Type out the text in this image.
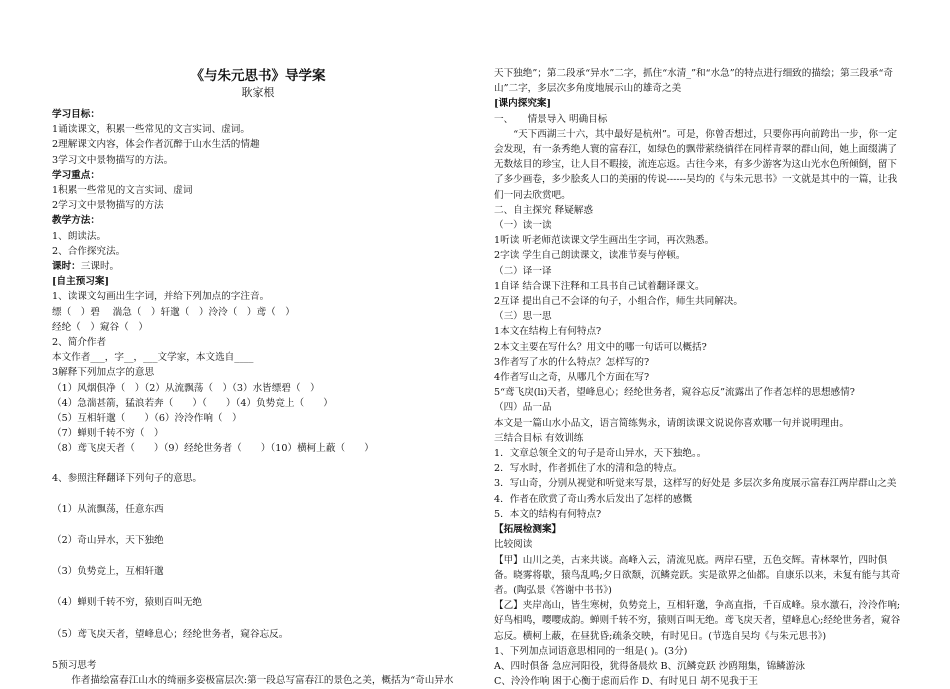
《与朱元思书》导学案
耿家根
学习目标：
1诵读课文，积累一些常见的文言实词、虚词。
2理解课文内容，体会作者沉醉于山水生活的情趣
3学习文中景物描写的方法。
学习重点：
1积累一些常见的文言实词、虚词
2学习文中景物描写的方法
教学方法：
1、朗读法。
2、合作探究法。
课时：三课时。
[自主预习案]
1、读课文勾画出生字词，并给下列加点的字注音。
缥（　）碧　 湍急（　）轩邈（　）泠泠（　）鸢（　）
经纶（　）窥谷（　）
2、简介作者
本文作者___，字__，___文学家，本文选自____
3解释下列加点字的意思
（1）风烟俱净（　）（2）从流飘荡（　）（3）水皆缥碧（　）
（4）急湍甚箭，猛浪若奔（　　）（　　）（4）负势竞上（　　）
（5）互相轩邈（　　）（6）泠泠作响（　）
（7）蝉则千转不穷（　）
（8）鸢飞戾天者（　　）（9）经纶世务者（　　）（10）横柯上蔽（　　）
4、参照注释翻译下列句子的意思。
（1）从流飘荡，任意东西
（2）奇山异水，天下独绝
（3）负势竞上，互相轩邈
（4）蝉则千转不穷，猿则百叫无绝
（5）鸢飞戾天者，望峰息心；经纶世务者，窥谷忘反。
5预习思考
作者描绘富春江山水的绮丽多姿极富层次:第一段总写富春江的景色之美，概括为“奇山异水
天下独绝”；第二段承“异水”二字，抓住“水清_”和“水急”的特点进行细致的描绘；第三段承“奇山”二字，多层次多角度地展示山的雄奇之美
[课内探究案]
一、　　情景导入 明确目标
“天下西湖三十六，其中最好是杭州”。可是，你曾否想过，只要你再向前跨出一步，你一定会发现，有一条秀绝人寰的富春江，如绿色的飘带萦绕徜徉在同样青翠的群山间，她上面缀满了无数炫目的珍宝，让人目不暇接，流连忘返。古往今来，有多少游客为这山光水色所倾倒，留下了多少画卷，多少脍炙人口的美丽的传说------吴均的《与朱元思书》一文就是其中的一篇，让我们一同去欣赏吧。
二、自主探究 释疑解惑
（一）读一读
1听读 听老师范读课文学生画出生字词，再次熟悉。
2字读 学生自己朗读课文，读准节奏与停顿。
（二）译一译
1自译 结合课下注释和工具书自己试着翻译课文。
2互译 提出自己不会译的句子，小组合作，师生共同解决。
（三）思一思
1本文在结构上有何特点?
2本文主要在写什么？用文中的哪一句话可以概括?
3作者写了水的什么特点？怎样写的?
4作者写山之奇，从哪几个方面在写?
5“鸢飞戾(li)天者，望峰息心；经纶世务者，窥谷忘反”流露出了作者怎样的思想感情?
（四）品一品
本文是一篇山水小品文，语言简练隽永，请朗读课文说说你喜欢哪一句并说明理由。
三结合目标 有效训练
1．文章总领全文的句子是奇山异水，天下独绝。。
2．写水时，作者抓住了水的清和急的特点。
3．写山奇，分别从视觉和听觉来写景，这样写的好处是 多层次多角度展示富春江两岸群山之美
4．作者在欣赏了奇山秀水后发出了怎样的感慨
5．本文的结构有何特点?
【拓展检测案】
比较阅读
【甲】山川之美，古来共谈。高峰入云，清流见底。两岸石壁，五色交辉。青林翠竹，四时俱备。晓雾将歇，猿鸟乱鸣;夕日欲颓，沉鳞竞跃。实是欲界之仙都。自康乐以来，未复有能与其奇者。(陶弘景《答谢中书书》)
【乙】夹岸高山，皆生寒树，负势竞上，互相轩邈，争高直指，千百成峰。泉水激石，泠泠作响;好鸟相鸣，嘤嘤成韵。蝉则千转不穷，猿则百叫无绝。鸢飞戾天者，望峰息心;经纶世务者，窥谷忘反。横柯上蔽，在昼犹昏;疏条交映，有时见日。(节选自吴均《与朱元思书》)
1、下列加点词语意思相同的一组是( )。(3分)
A、四时俱备 急应河阳役，犹得备晨炊 B、沉鳞竞跃 沙鸥翔集，锦鳞游泳
C、泠泠作响 困于心衡于虑而后作 D、有时见日 胡不见我于王
